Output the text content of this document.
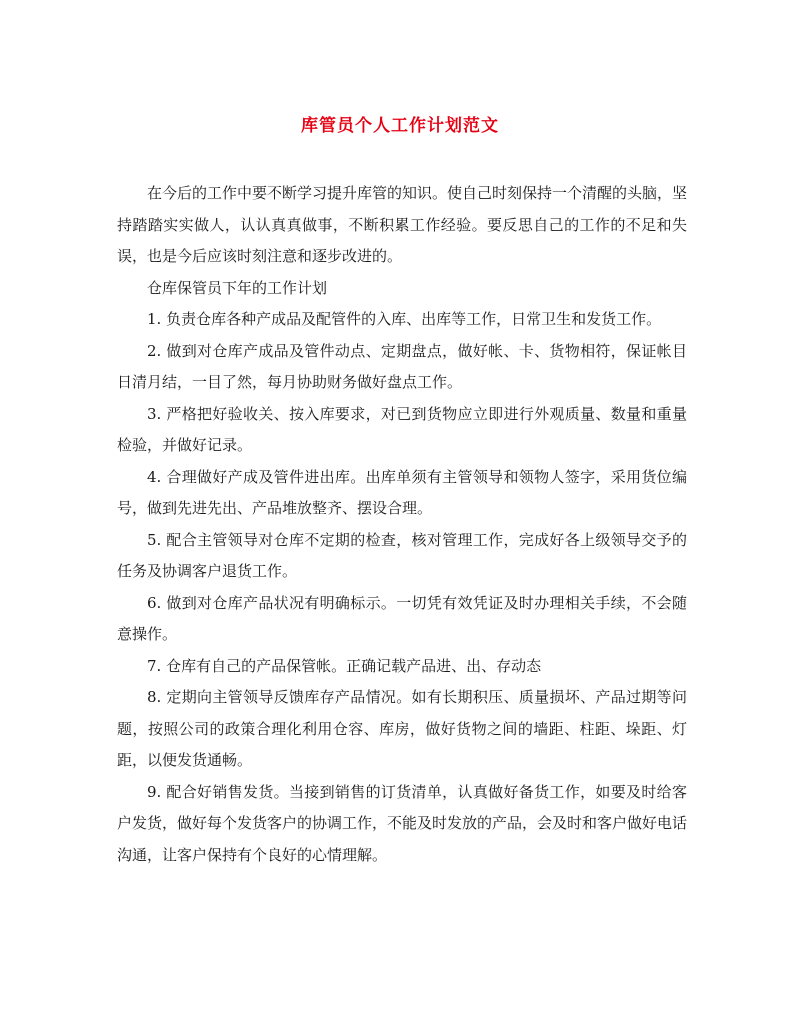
库管员个人工作计划范文

在今后的工作中要不断学习提升库管的知识。使自己时刻保持一个清醒的头脑，坚持踏踏实实做人，认认真真做事，不断积累工作经验。要反思自己的工作的不足和失误，也是今后应该时刻注意和逐步改进的。

仓库保管员下年的工作计划

1. 负责仓库各种产成品及配管件的入库、出库等工作，日常卫生和发货工作。

2. 做到对仓库产成品及管件动点、定期盘点，做好帐、卡、货物相符，保证帐目日清月结，一目了然，每月协助财务做好盘点工作。

3. 严格把好验收关、按入库要求，对已到货物应立即进行外观质量、数量和重量检验，并做好记录。

4. 合理做好产成及管件进出库。出库单须有主管领导和领物人签字，采用货位编号，做到先进先出、产品堆放整齐、摆设合理。

5. 配合主管领导对仓库不定期的检查，核对管理工作，完成好各上级领导交予的任务及协调客户退货工作。

6. 做到对仓库产品状况有明确标示。一切凭有效凭证及时办理相关手续，不会随意操作。

7. 仓库有自己的产品保管帐。正确记载产品进、出、存动态

8. 定期向主管领导反馈库存产品情况。如有长期积压、质量损坏、产品过期等问题，按照公司的政策合理化利用仓容、库房，做好货物之间的墙距、柱距、垛距、灯距，以便发货通畅。

9. 配合好销售发货。当接到销售的订货清单，认真做好备货工作，如要及时给客户发货，做好每个发货客户的协调工作，不能及时发放的产品，会及时和客户做好电话沟通，让客户保持有个良好的心情理解。
